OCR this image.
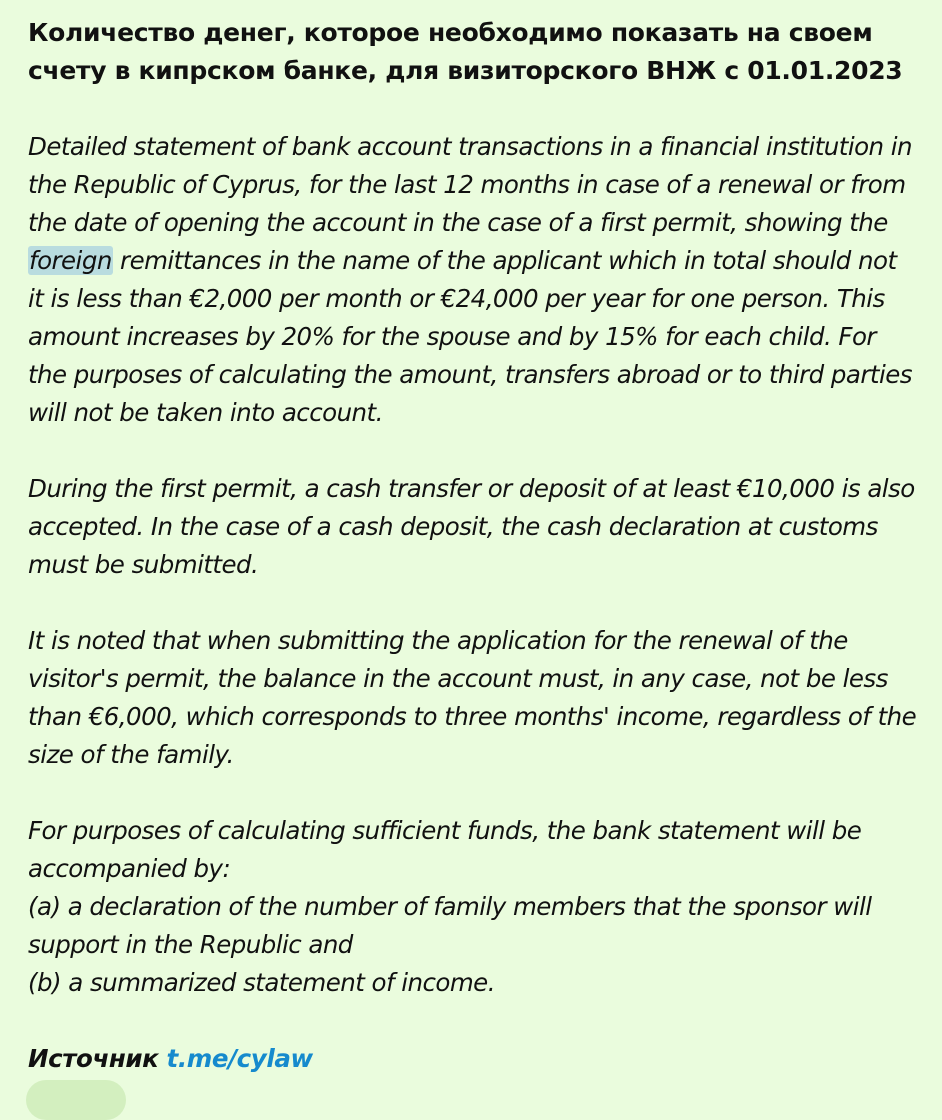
Количество денег, которое необходимо показать на своем счету в кипрском банке, для визиторского ВНЖ с 01.01.2023

Detailed statement of bank account transactions in a financial institution in the Republic of Cyprus, for the last 12 months in case of a renewal or from the date of opening the account in the case of a first permit, showing the foreign remittances in the name of the applicant which in total should not it is less than €2,000 per month or €24,000 per year for one person. This amount increases by 20% for the spouse and by 15% for each child. For the purposes of calculating the amount, transfers abroad or to third parties will not be taken into account.

During the first permit, a cash transfer or deposit of at least €10,000 is also accepted. In the case of a cash deposit, the cash declaration at customs must be submitted.

It is noted that when submitting the application for the renewal of the visitor's permit, the balance in the account must, in any case, not be less than €6,000, which corresponds to three months' income, regardless of the size of the family.

For purposes of calculating sufficient funds, the bank statement will be accompanied by:
(a) a declaration of the number of family members that the sponsor will support in the Republic and
(b) a summarized statement of income.

Источник t.me/cylaw
